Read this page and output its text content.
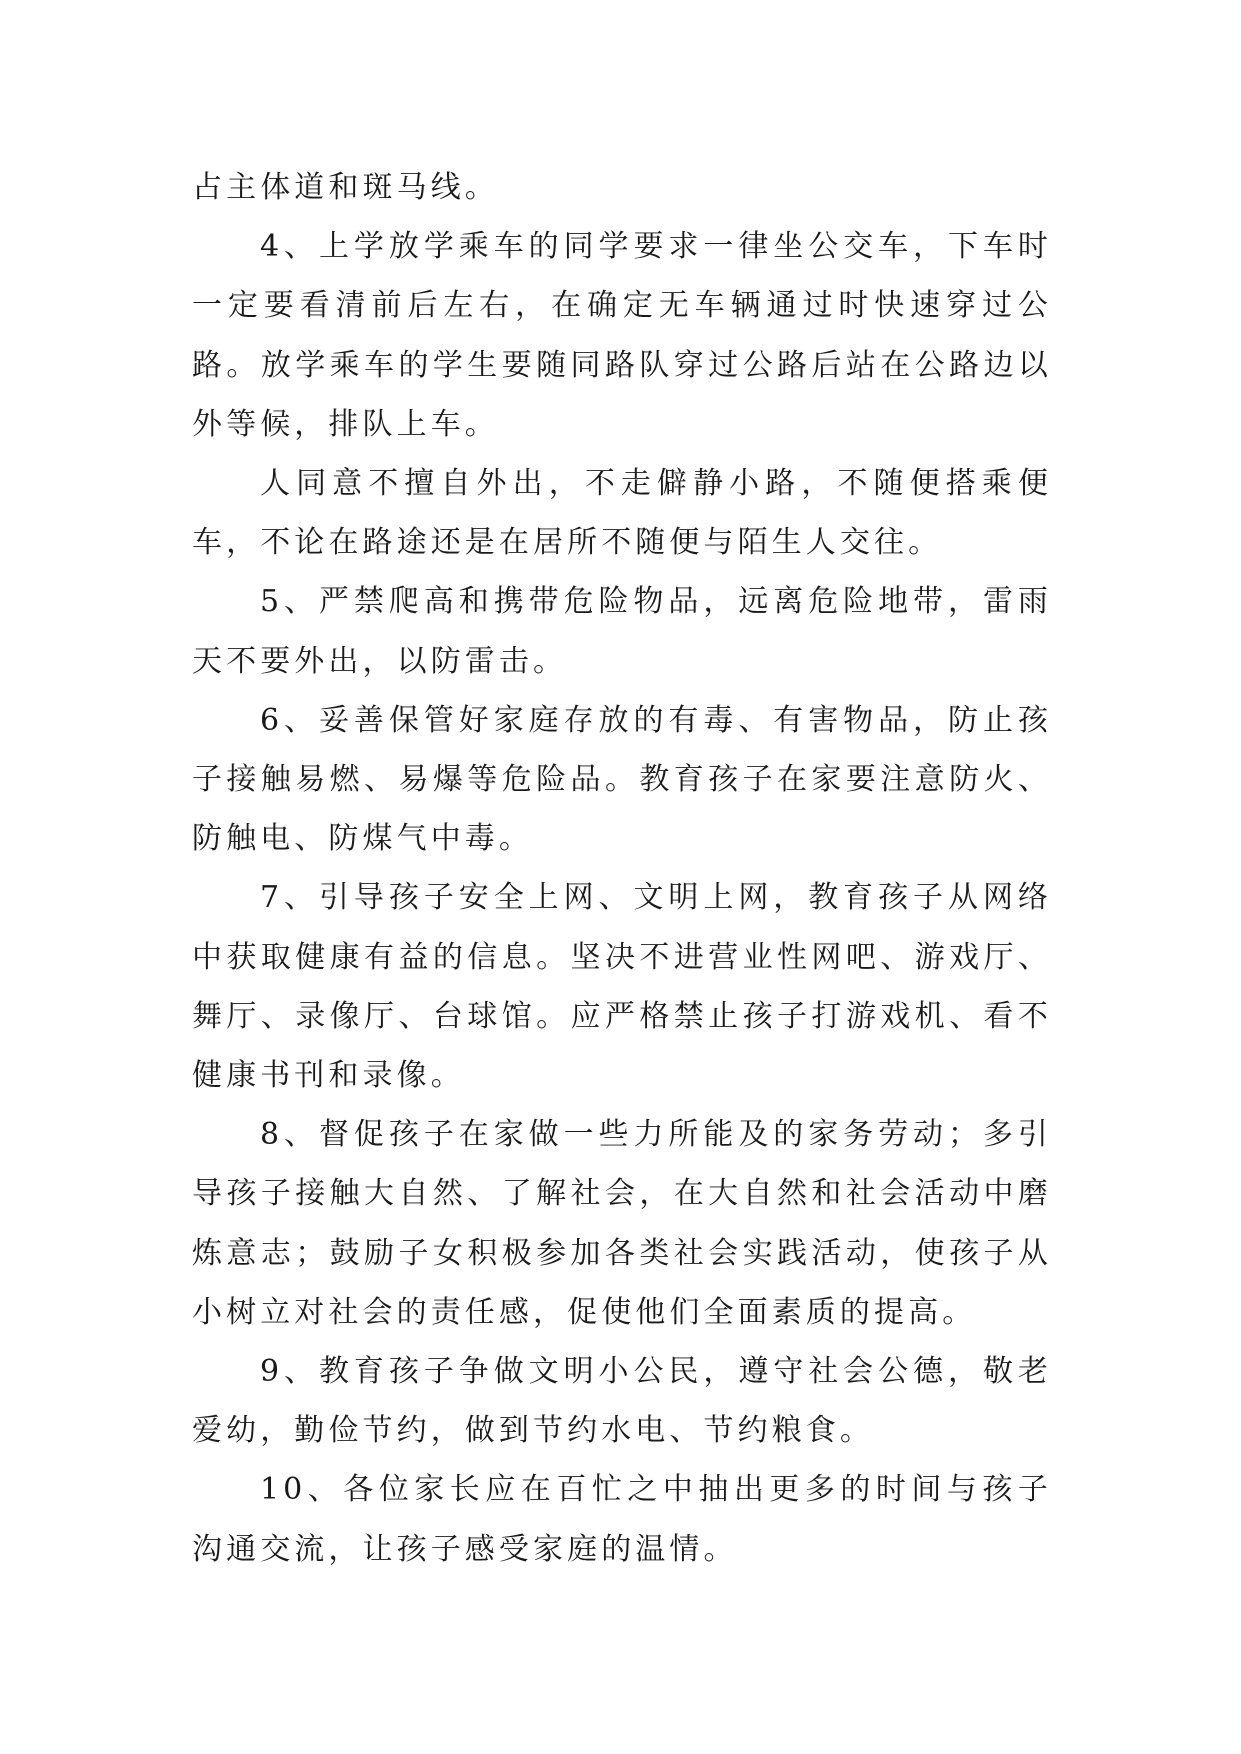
占主体道和斑马线。

4、上学放学乘车的同学要求一律坐公交车，下车时一定要看清前后左右，在确定无车辆通过时快速穿过公路。放学乘车的学生要随同路队穿过公路后站在公路边以外等候，排队上车。

人同意不擅自外出，不走僻静小路，不随便搭乘便车，不论在路途还是在居所不随便与陌生人交往。

5、严禁爬高和携带危险物品，远离危险地带，雷雨天不要外出，以防雷击。

6、妥善保管好家庭存放的有毒、有害物品，防止孩子接触易燃、易爆等危险品。教育孩子在家要注意防火、防触电、防煤气中毒。

7、引导孩子安全上网、文明上网，教育孩子从网络中获取健康有益的信息。坚决不进营业性网吧、游戏厅、舞厅、录像厅、台球馆。应严格禁止孩子打游戏机、看不健康书刊和录像。

8、督促孩子在家做一些力所能及的家务劳动；多引导孩子接触大自然、了解社会，在大自然和社会活动中磨炼意志；鼓励子女积极参加各类社会实践活动，使孩子从小树立对社会的责任感，促使他们全面素质的提高。

9、教育孩子争做文明小公民，遵守社会公德，敬老爱幼，勤俭节约，做到节约水电、节约粮食。

10、各位家长应在百忙之中抽出更多的时间与孩子沟通交流，让孩子感受家庭的温情。
